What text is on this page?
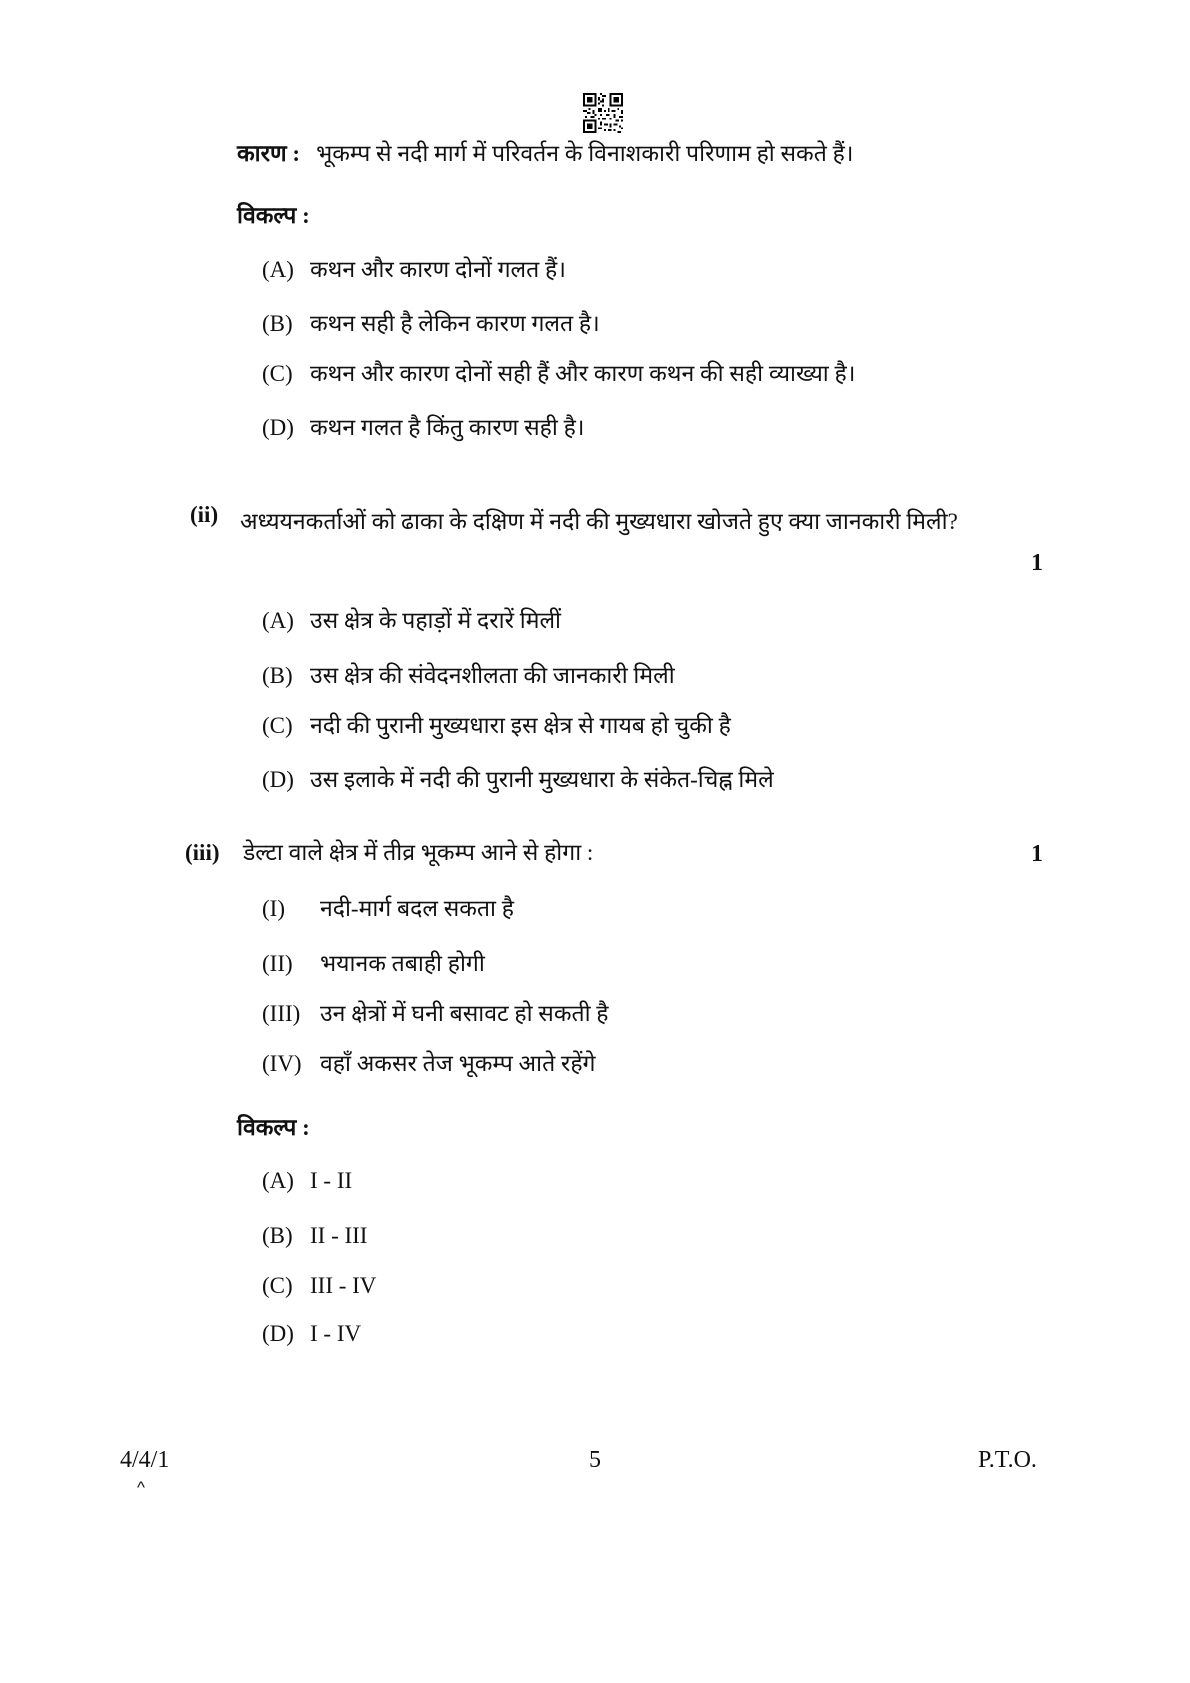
कारण : भूकम्प से नदी मार्ग में परिवर्तन के विनाशकारी परिणाम हो सकते हैं।
विकल्प :
(A) कथन और कारण दोनों गलत हैं।
(B) कथन सही है लेकिन कारण गलत है।
(C) कथन और कारण दोनों सही हैं और कारण कथन की सही व्याख्या है।
(D) कथन गलत है किंतु कारण सही है।
(ii) अध्ययनकर्ताओं को ढाका के दक्षिण में नदी की मुख्यधारा खोजते हुए क्या जानकारी मिली?
1
(A) उस क्षेत्र के पहाड़ों में दरारें मिलीं
(B) उस क्षेत्र की संवेदनशीलता की जानकारी मिली
(C) नदी की पुरानी मुख्यधारा इस क्षेत्र से गायब हो चुकी है
(D) उस इलाके में नदी की पुरानी मुख्यधारा के संकेत-चिह्न मिले
(iii)	डेल्टा वाले क्षेत्र में तीव्र भूकम्प आने से होगा :	1
(I)	नदी-मार्ग बदल सकता है
(II)	भयानक तबाही होगी
(III) उन क्षेत्रों में घनी बसावट हो सकती है
(IV) वहाँ अकसर तेज भूकम्प आते रहेंगे
विकल्प :
(A) I - II
(B) II - III
(C) III - IV
(D) I - IV
4/4/1
^
5	P.T.O.
